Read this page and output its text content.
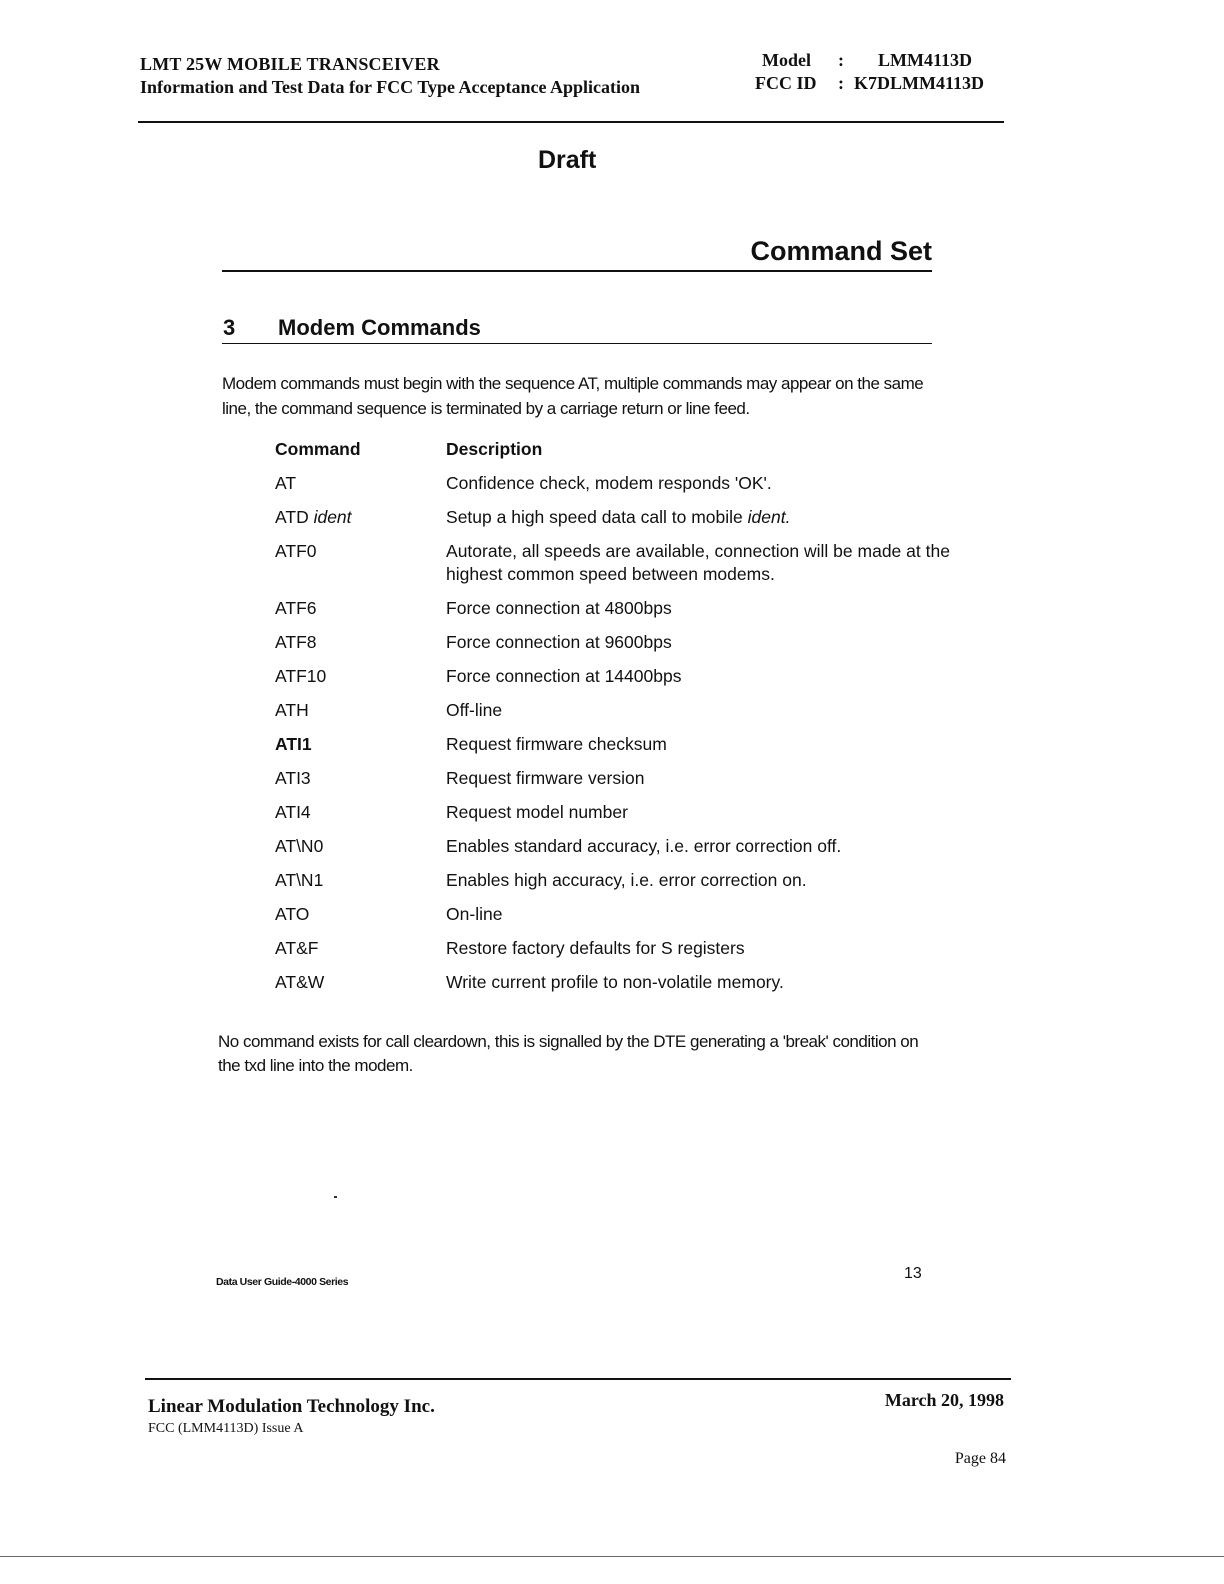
LMT 25W MOBILE TRANSCEIVER
Information and Test Data for FCC Type Acceptance Application
Model : LMM4113D
FCC ID : K7DLMM4113D
Draft
Command Set
3 Modem Commands
Modem commands must begin with the sequence AT, multiple commands may appear on the same line, the command sequence is terminated by a carriage return or line feed.
Command	Description
AT	Confidence check, modem responds 'OK'.
ATD ident	Setup a high speed data call to mobile ident.
ATF0	Autorate, all speeds are available, connection will be made at the highest common speed between modems.
ATF6	Force connection at 4800bps
ATF8	Force connection at 9600bps
ATF10	Force connection at 14400bps
ATH	Off-line
ATI1	Request firmware checksum
ATI3	Request firmware version
ATI4	Request model number
AT\N0	Enables standard accuracy, i.e. error correction off.
AT\N1	Enables high accuracy, i.e. error correction on.
ATO	On-line
AT&F	Restore factory defaults for S registers
AT&W	Write current profile to non-volatile memory.
No command exists for call cleardown, this is signalled by the DTE generating a 'break' condition on the txd line into the modem.
Data User Guide-4000 Series	13
Linear Modulation Technology Inc.
FCC (LMM4113D) Issue A
March 20, 1998
Page 84
